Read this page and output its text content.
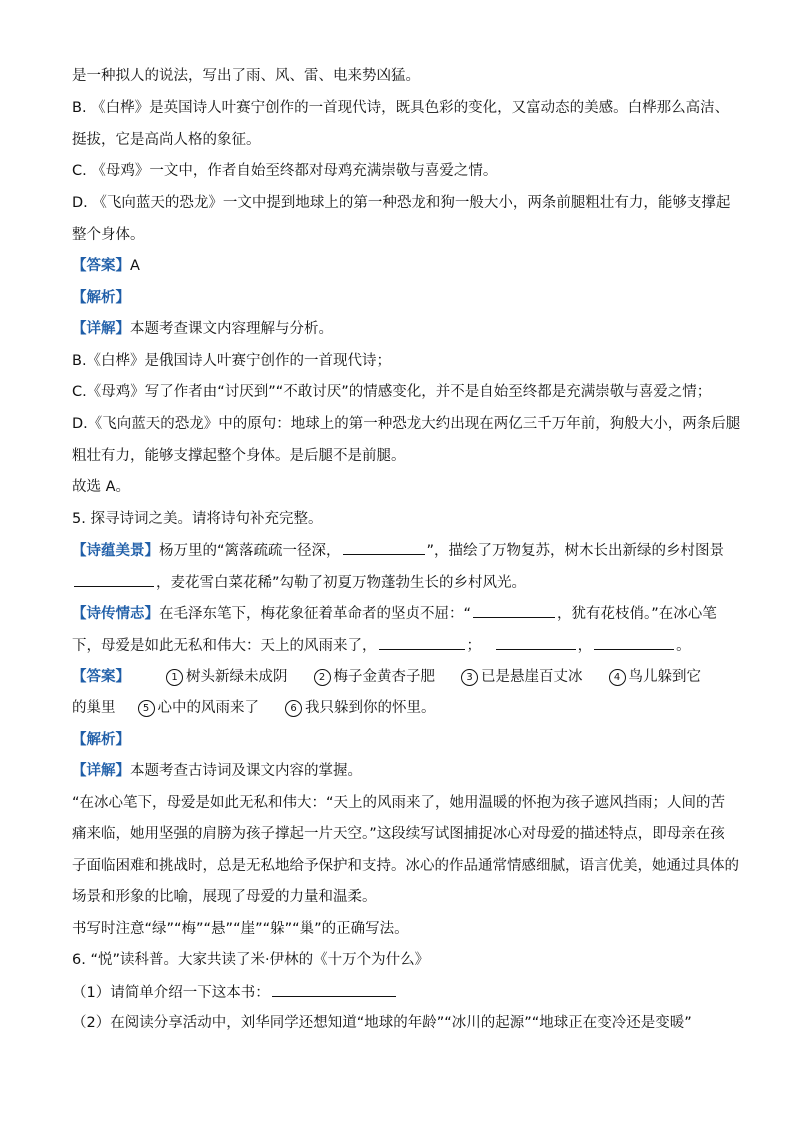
是一种拟人的说法，写出了雨、风、雷、电来势凶猛。
B. 《白桦》是英国诗人叶赛宁创作的一首现代诗，既具色彩的变化，又富动态的美感。白桦那么高洁、
挺拔，它是高尚人格的象征。
C. 《母鸡》一文中，作者自始至终都对母鸡充满崇敬与喜爱之情。
D. 《飞向蓝天的恐龙》一文中提到地球上的第一种恐龙和狗一般大小，两条前腿粗壮有力，能够支撑起
整个身体。
【答案】A
【解析】
【详解】本题考查课文内容理解与分析。
B.《白桦》是俄国诗人叶赛宁创作的一首现代诗；
C.《母鸡》写了作者由“讨厌到”“不敢讨厌”的情感变化，并不是自始至终都是充满崇敬与喜爱之情；
D.《飞向蓝天的恐龙》中的原句：地球上的第一种恐龙大约出现在两亿三千万年前，狗般大小，两条后腿
粗壮有力，能够支撑起整个身体。是后腿不是前腿。
故选 A。
5. 探寻诗词之美。请将诗句补充完整。
【诗蕴美景】杨万里的“篱落疏疏一径深，	”，描绘了万物复苏，树木长出新绿的乡村图景
，麦花雪白菜花稀”勾勒了初夏万物蓬勃生长的乡村风光。
【诗传情志】在毛泽东笔下，梅花象征着革命者的坚贞不屈：“	，犹有花枝俏。”在冰心笔
下，母爱是如此无私和伟大：天上的风雨来了，	；	，	。
【答案】	1 树头新绿未成阴	2 梅子金黄杏子肥	3 已是悬崖百丈冰	4 鸟儿躲到它
的巢里	5 心中的风雨来了	6 我只躲到你的怀里。
【解析】
【详解】本题考查古诗词及课文内容的掌握。
“在冰心笔下，母爱是如此无私和伟大：“天上的风雨来了，她用温暖的怀抱为孩子遮风挡雨；人间的苦
痛来临，她用坚强的肩膀为孩子撑起一片天空。”这段续写试图捕捉冰心对母爱的描述特点，即母亲在孩
子面临困难和挑战时，总是无私地给予保护和支持。冰心的作品通常情感细腻，语言优美，她通过具体的
场景和形象的比喻，展现了母爱的力量和温柔。
书写时注意“绿”“梅”“悬”“崖”“躲”“巢”的正确写法。
6. “悦”读科普。大家共读了米·伊林的《十万个为什么》
（1）请简单介绍一下这本书：
（2）在阅读分享活动中，刘华同学还想知道“地球的年龄”“冰川的起源”“地球正在变冷还是变暖”
